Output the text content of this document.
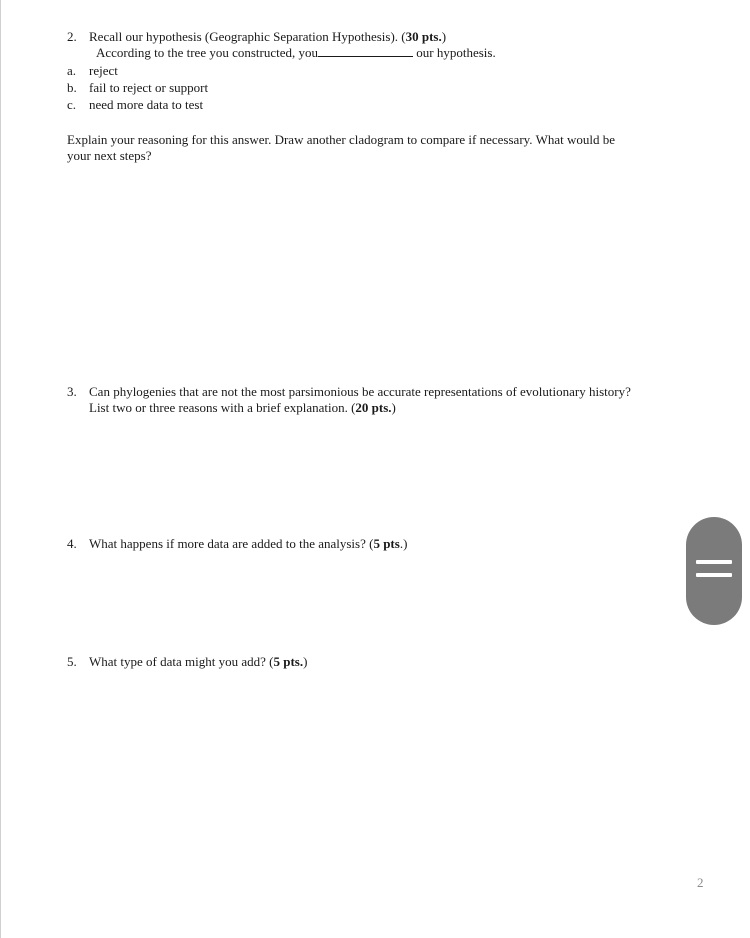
2. Recall our hypothesis (Geographic Separation Hypothesis). (30 pts.)
According to the tree you constructed, you	our hypothesis.
a. reject
b. fail to reject or support
c. need more data to test
Explain your reasoning for this answer. Draw another cladogram to compare if necessary. What would be
your next steps?
3. Can phylogenies that are not the most parsimonious be accurate representations of evolutionary history?
List two or three reasons with a brief explanation. (20 pts.)
4. What happens if more data are added to the analysis? (5 pts.)
5. What type of data might you add? (5 pts.)
2
